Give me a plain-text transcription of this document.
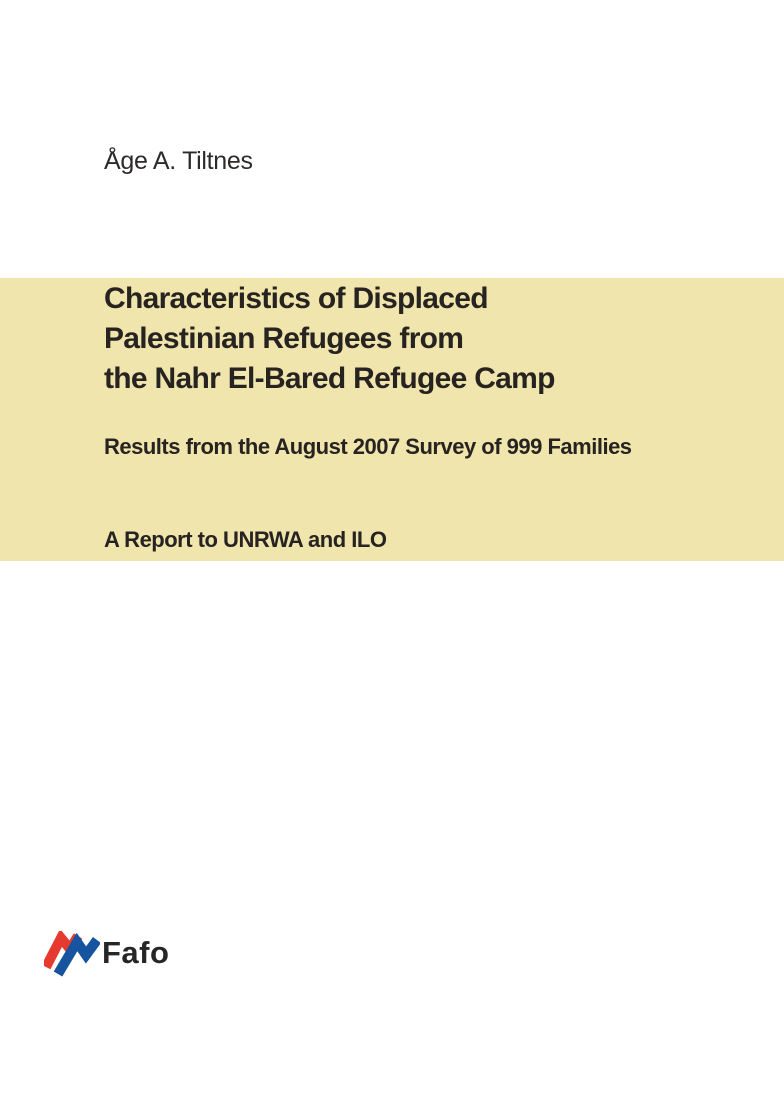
Åge A. Tiltnes
Characteristics of Displaced
Palestinian Refugees from
the Nahr El-Bared Refugee Camp
Results from the August 2007 Survey of 999 Families
A Report to UNRWA and ILO
Fafo
